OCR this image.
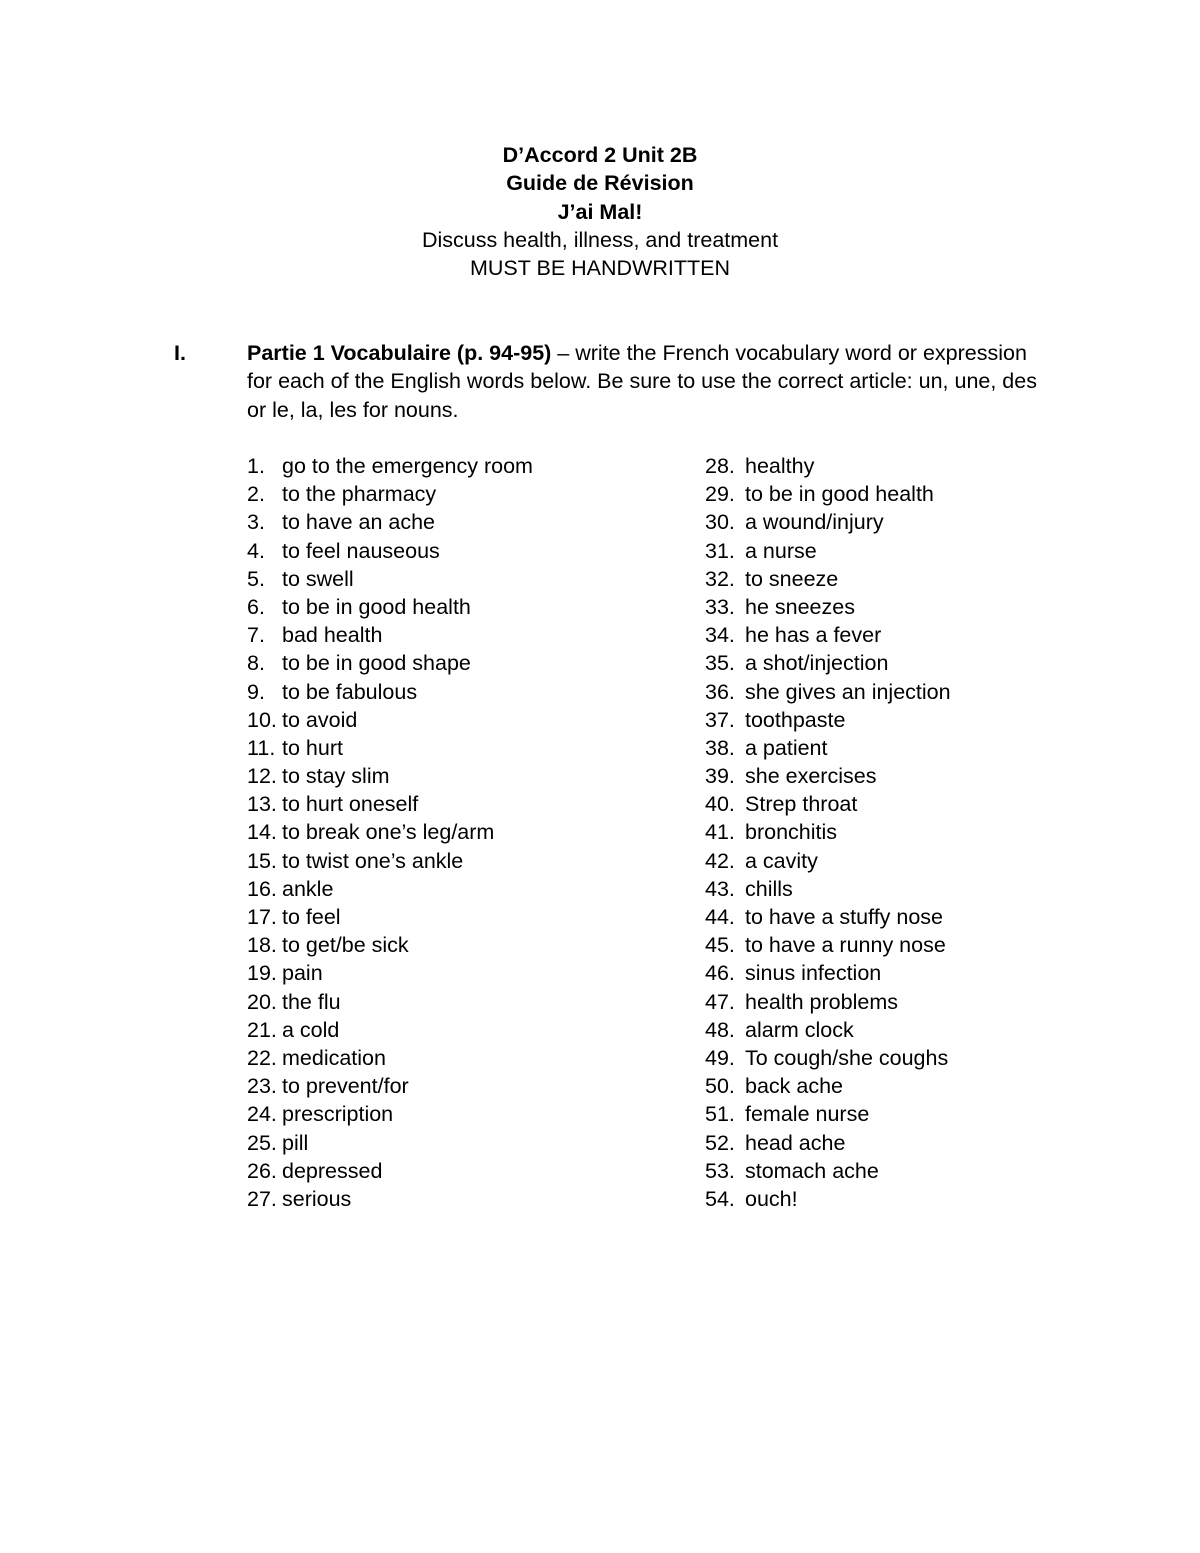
D’Accord 2 Unit 2B
Guide de Révision
J’ai Mal!
Discuss health, illness, and treatment
MUST BE HANDWRITTEN
I.	Partie 1 Vocabulaire (p. 94-95) – write the French vocabulary word or expression for each of the English words below. Be sure to use the correct article: un, une, des or le, la, les for nouns.
1. go to the emergency room
2. to the pharmacy
3. to have an ache
4. to feel nauseous
5. to swell
6. to be in good health
7. bad health
8. to be in good shape
9. to be fabulous
10. to avoid
11. to hurt
12. to stay slim
13. to hurt oneself
14. to break one’s leg/arm
15. to twist one’s ankle
16. ankle
17. to feel
18. to get/be sick
19. pain
20. the flu
21. a cold
22. medication
23. to prevent/for
24. prescription
25. pill
26. depressed
27. serious
28. healthy
29. to be in good health
30. a wound/injury
31. a nurse
32. to sneeze
33. he sneezes
34. he has a fever
35. a shot/injection
36. she gives an injection
37. toothpaste
38. a patient
39. she exercises
40. Strep throat
41. bronchitis
42. a cavity
43. chills
44. to have a stuffy nose
45. to have a runny nose
46. sinus infection
47. health problems
48. alarm clock
49. To cough/she coughs
50. back ache
51. female nurse
52. head ache
53. stomach ache
54. ouch!
